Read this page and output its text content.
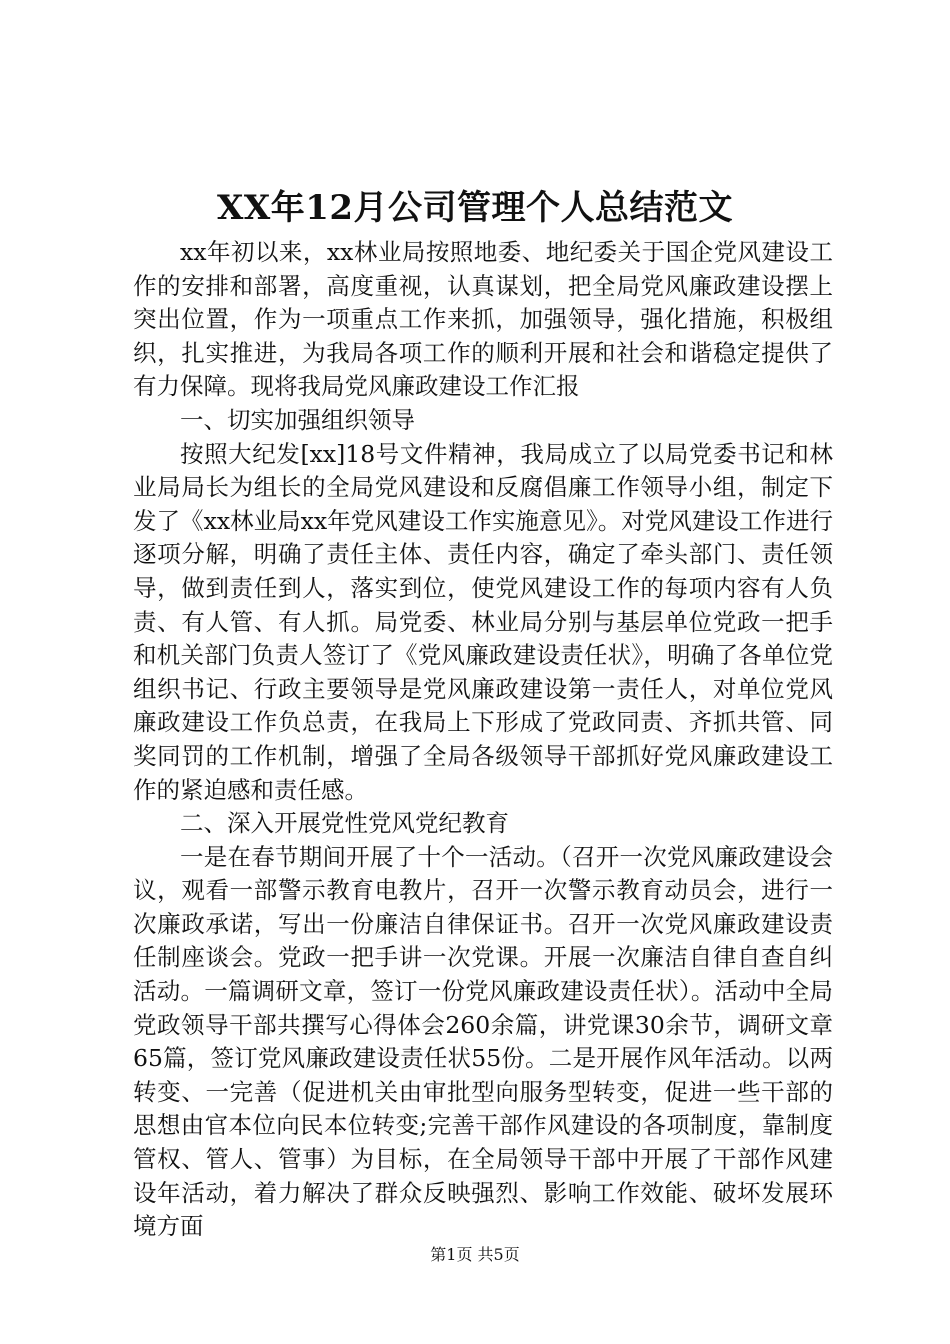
XX年12月公司管理个人总结范文

xx年初以来，xx林业局按照地委、地纪委关于国企党风建设工作的安排和部署，高度重视，认真谋划，把全局党风廉政建设摆上突出位置，作为一项重点工作来抓，加强领导，强化措施，积极组织，扎实推进，为我局各项工作的顺利开展和社会和谐稳定提供了有力保障。现将我局党风廉政建设工作汇报

一、切实加强组织领导

按照大纪发[xx]18号文件精神，我局成立了以局党委书记和林业局局长为组长的全局党风建设和反腐倡廉工作领导小组，制定下发了《xx林业局xx年党风建设工作实施意见》。对党风建设工作进行逐项分解，明确了责任主体、责任内容，确定了牵头部门、责任领导，做到责任到人，落实到位，使党风建设工作的每项内容有人负责、有人管、有人抓。局党委、林业局分别与基层单位党政一把手和机关部门负责人签订了《党风廉政建设责任状》，明确了各单位党组织书记、行政主要领导是党风廉政建设第一责任人，对单位党风廉政建设工作负总责，在我局上下形成了党政同责、齐抓共管、同奖同罚的工作机制，增强了全局各级领导干部抓好党风廉政建设工作的紧迫感和责任感。

二、深入开展党性党风党纪教育

一是在春节期间开展了十个一活动。（召开一次党风廉政建设会议，观看一部警示教育电教片，召开一次警示教育动员会，进行一次廉政承诺，写出一份廉洁自律保证书。召开一次党风廉政建设责任制座谈会。党政一把手讲一次党课。开展一次廉洁自律自查自纠活动。一篇调研文章，签订一份党风廉政建设责任状）。活动中全局党政领导干部共撰写心得体会260余篇，讲党课30余节，调研文章65篇，签订党风廉政建设责任状55份。二是开展作风年活动。以两转变、一完善（促进机关由审批型向服务型转变，促进一些干部的思想由官本位向民本位转变;完善干部作风建设的各项制度，靠制度管权、管人、管事）为目标，在全局领导干部中开展了干部作风建设年活动，着力解决了群众反映强烈、影响工作效能、破坏发展环境方面

第1页 共5页
